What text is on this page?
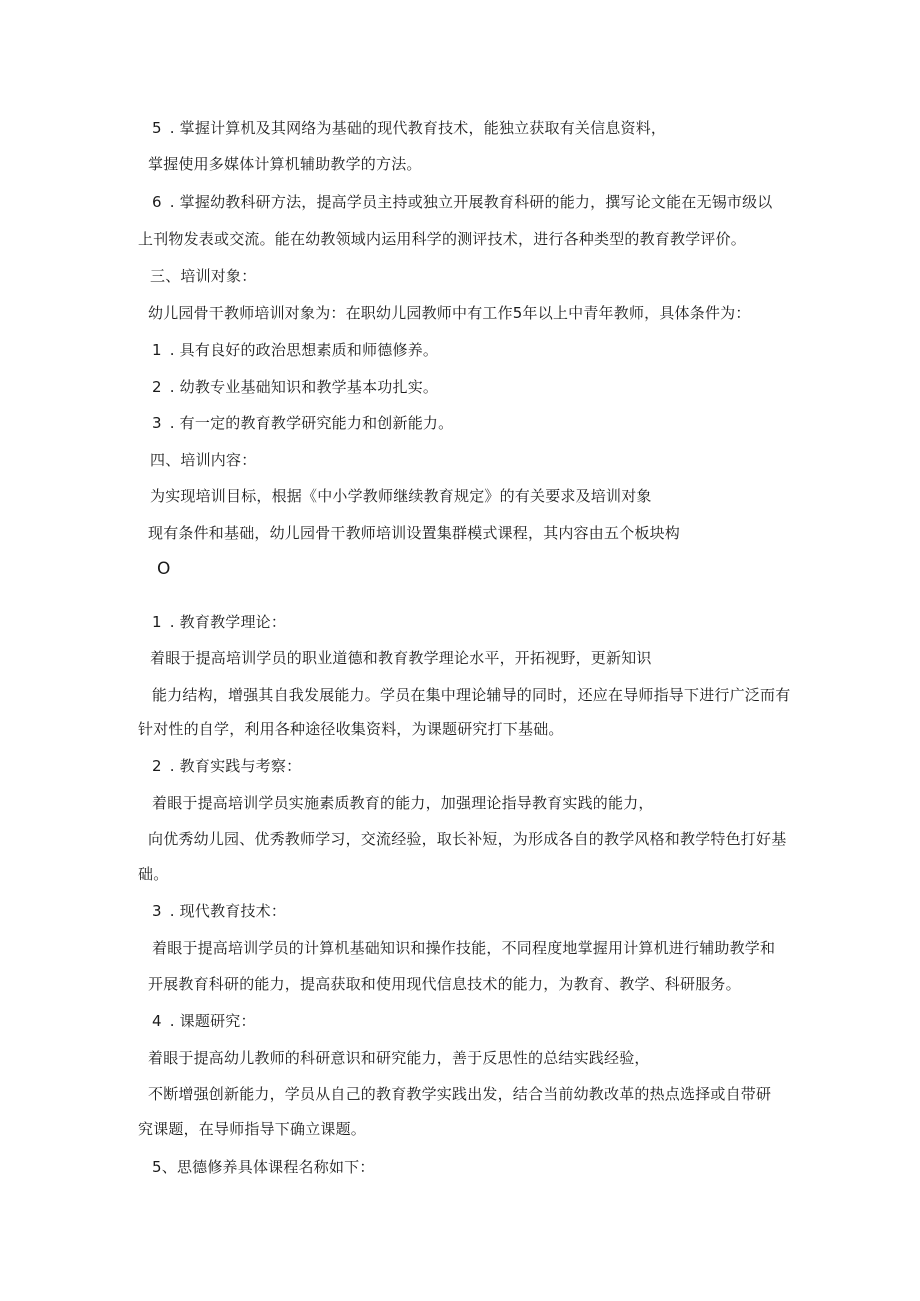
5 . 掌握计算机及其网络为基础的现代教育技术，能独立获取有关信息资料，
掌握使用多媒体计算机辅助教学的方法。
6 . 掌握幼教科研方法，提高学员主持或独立开展教育科研的能力，撰写论文能在无锡市级以
上刊物发表或交流。能在幼教领域内运用科学的测评技术，进行各种类型的教育教学评价。
三、培训对象：
幼儿园骨干教师培训对象为：在职幼儿园教师中有工作5年以上中青年教师，具体条件为：
1 . 具有良好的政治思想素质和师德修养。
2 . 幼教专业基础知识和教学基本功扎实。
3 . 有一定的教育教学研究能力和创新能力。
四、培训内容：
为实现培训目标，根据《中小学教师继续教育规定》的有关要求及培训对象
现有条件和基础，幼儿园骨干教师培训设置集群模式课程，其内容由五个板块构
O
1 . 教育教学理论：
着眼于提高培训学员的职业道德和教育教学理论水平，开拓视野，更新知识
能力结构，增强其自我发展能力。学员在集中理论辅导的同时，还应在导师指导下进行广泛而有
针对性的自学，利用各种途径收集资料，为课题研究打下基础。
2 . 教育实践与考察：
着眼于提高培训学员实施素质教育的能力，加强理论指导教育实践的能力，
向优秀幼儿园、优秀教师学习，交流经验，取长补短，为形成各自的教学风格和教学特色打好基
础。
3 . 现代教育技术：
着眼于提高培训学员的计算机基础知识和操作技能，不同程度地掌握用计算机进行辅助教学和
开展教育科研的能力，提高获取和使用现代信息技术的能力，为教育、教学、科研服务。
4 . 课题研究：
着眼于提高幼儿教师的科研意识和研究能力，善于反思性的总结实践经验，
不断增强创新能力，学员从自己的教育教学实践出发，结合当前幼教改革的热点选择或自带研
究课题，在导师指导下确立课题。
5、思德修养具体课程名称如下：
